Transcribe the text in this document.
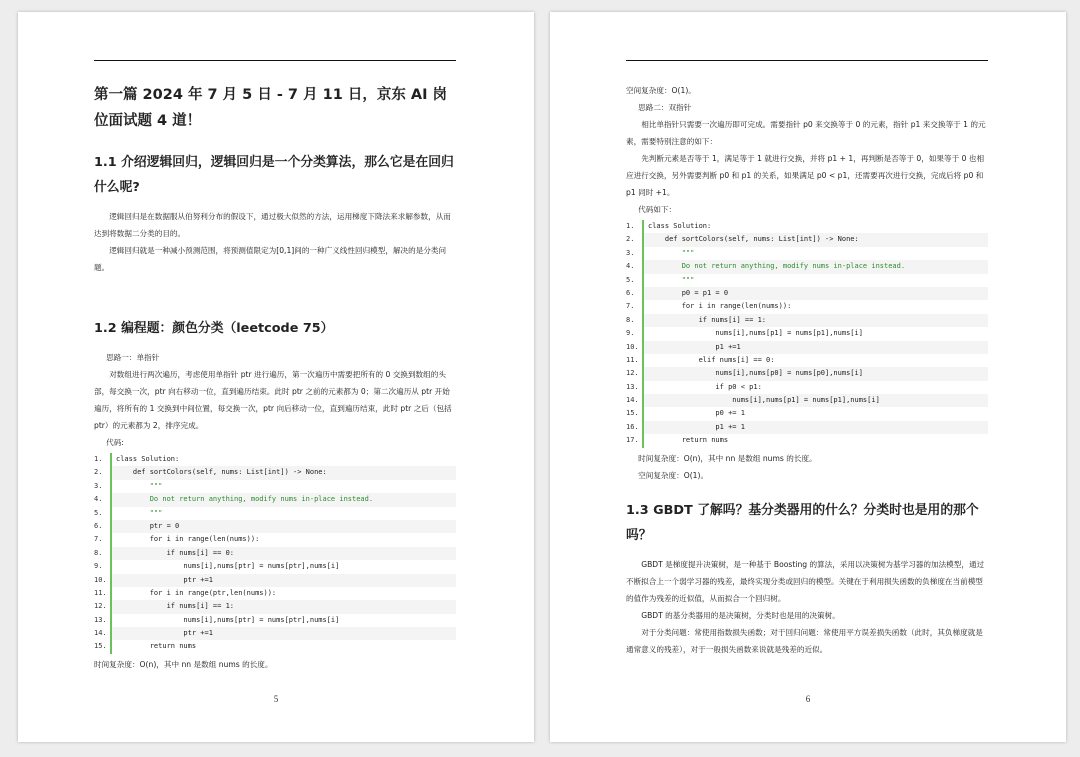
第一篇 2024 年 7 月 5 日 - 7 月 11 日，京东 AI 岗位面试题 4 道！
1.1 介绍逻辑回归，逻辑回归是一个分类算法，那么它是在回归什么呢?

逻辑回归是在数据服从伯努利分布的假设下，通过极大似然的方法，运用梯度下降法来求解参数，从而达到将数据二分类的目的。

逻辑回归就是一种减小预测范围，将预测值限定为[0,1]间的一种广义线性回归模型，解决的是分类问题。

1.2 编程题：颜色分类（leetcode 75）

思路一：单指针

对数组进行两次遍历，考虑使用单指针 ptr 进行遍历，第一次遍历中需要把所有的 0 交换到数组的头部，每交换一次，ptr 向右移动一位，直到遍历结束。此时 ptr 之前的元素都为 0；第二次遍历从 ptr 开始遍历，将所有的 1 交换到中间位置，每交换一次，ptr 向后移动一位，直到遍历结束，此时 ptr 之后（包括 ptr）的元素都为 2，排序完成。

代码:

1.	class Solution:
2.	def sortColors(self, nums: List[int]) -> None:
3.	"""
4.	Do not return anything, modify nums in-place instead.
5.	"""
6.	ptr = 0
7.	for i in range(len(nums)):
8.	if nums[i] == 0:
9.	nums[i],nums[ptr] = nums[ptr],nums[i]
10.	ptr +=1
11.	for i in range(ptr,len(nums)):
12.	if nums[i] == 1:
13.	nums[i],nums[ptr] = nums[ptr],nums[i]
14.	ptr +=1
15.	return nums

时间复杂度：O(n)，其中 nn 是数组 nums 的长度。

5

空间复杂度：O(1)。

思路二：双指针

相比单指针只需要一次遍历即可完成。需要指针 p0 来交换等于 0 的元素，指针 p1 来交换等于 1 的元素，需要特别注意的如下：

先判断元素是否等于 1，满足等于 1 就进行交换，并将 p1 + 1，再判断是否等于 0，如果等于 0 也相应进行交换，另外需要判断 p0 和 p1 的关系，如果满足 p0 < p1，还需要再次进行交换，完成后将 p0 和 p1 同时 +1。

代码如下：

1.	class Solution:
2.	def sortColors(self, nums: List[int]) -> None:
3.	"""
4.	Do not return anything, modify nums in-place instead.
5.	"""
6.	p0 = p1 = 0
7.	for i in range(len(nums)):
8.	if nums[i] == 1:
9.	nums[i],nums[p1] = nums[p1],nums[i]
10.	p1 +=1
11.	elif nums[i] == 0:
12.	nums[i],nums[p0] = nums[p0],nums[i]
13.	if p0 < p1:
14.	nums[i],nums[p1] = nums[p1],nums[i]
15.	p0 += 1
16.	p1 += 1
17.	return nums

时间复杂度：O(n)，其中 nn 是数组 nums 的长度。

空间复杂度：O(1)。

1.3 GBDT 了解吗？基分类器用的什么？分类时也是用的那个吗？

GBDT 是梯度提升决策树，是一种基于 Boosting 的算法，采用以决策树为基学习器的加法模型，通过不断拟合上一个弱学习器的残差，最终实现分类或回归的模型。关键在于利用损失函数的负梯度在当前模型的值作为残差的近似值，从而拟合一个回归树。

GBDT 的基分类器用的是决策树，分类时也是用的决策树。

对于分类问题：常使用指数损失函数；对于回归问题：常使用平方误差损失函数（此时，其负梯度就是通常意义的残差），对于一般损失函数来说就是残差的近似。

6
